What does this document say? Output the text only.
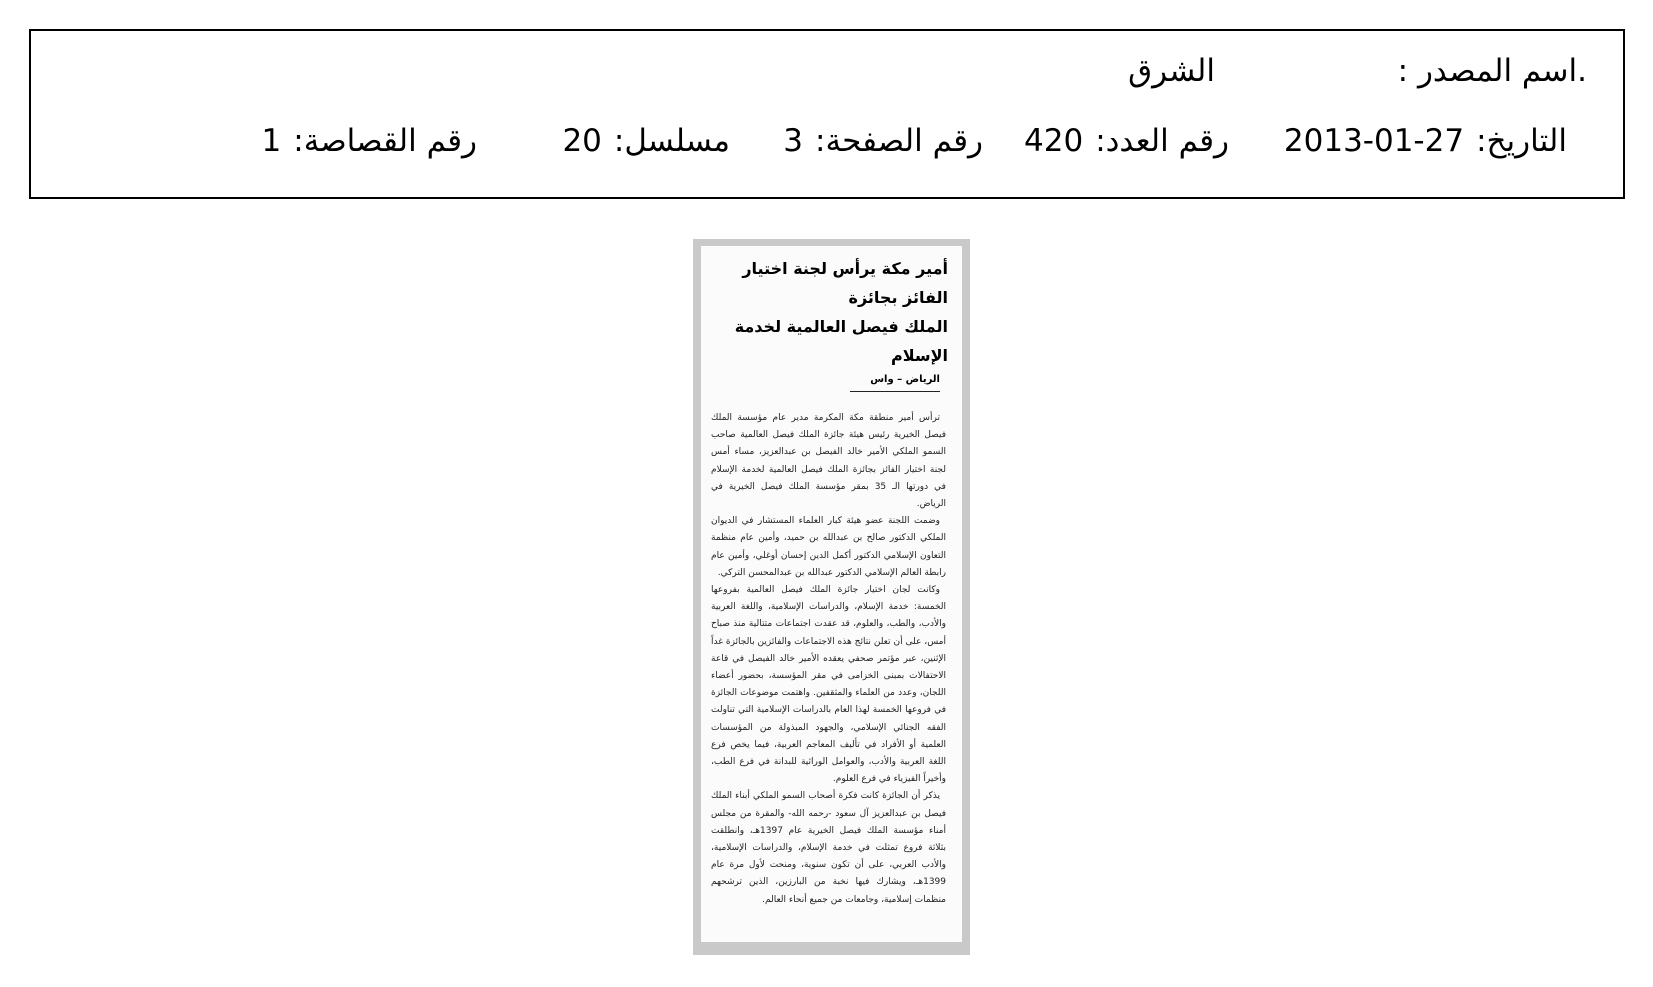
.اسم المصدر :
الشرق
التاريخ:2013-01-27
رقم العدد:420
رقم الصفحة:3
مسلسل:20
رقم القصاصة:1
أمير مكة يرأس لجنة اختيار الفائز بجائزة
الملك فيصل العالمية لخدمة الإسلام
الرياض – واس

ترأس أمير منطقة مكة المكرمة مدير عام مؤسسة الملك فيصل الخيرية رئيس هيئة جائزة الملك فيصل العالمية صاحب السمو الملكي الأمير خالد الفيصل بن عبدالعزيز، مساء أمس لجنة اختيار الفائز بجائزة الملك فيصل العالمية لخدمة الإسلام في دورتها الـ 35 بمقر مؤسسة الملك فيصل الخيرية في الرياض.

وضمت اللجنة عضو هيئة كبار العلماء المستشار في الديوان الملكي الدكتور صالح بن عبدالله بن حميد، وأمين عام منظمة التعاون الإسلامي الدكتور أكمل الدين إحسان أوغلي، وأمين عام رابطة العالم الإسلامي الدكتور عبدالله بن عبدالمحسن التركي.

وكانت لجان اختيار جائزة الملك فيصل العالمية بفروعها الخمسة: خدمة الإسلام، والدراسات الإسلامية، واللغة العربية والأدب، والطب، والعلوم، قد عقدت اجتماعات متتالية منذ صباح أمس، على أن تعلن نتائج هذه الاجتماعات والفائزين بالجائزة غداً الإثنين، عبر مؤتمر صحفي يعقده الأمير خالد الفيصل في قاعة الاحتفالات بمبنى الخزامى في مقر المؤسسة، بحضور أعضاء اللجان، وعدد من العلماء والمثقفين. واهتمت موضوعات الجائزة في فروعها الخمسة لهذا العام بالدراسات الإسلامية التي تناولت الفقه الجنائي الإسلامي، والجهود المبذولة من المؤسسات العلمية أو الأفراد في تأليف المعاجم العربية، فيما يخص فرع اللغة العربية والأدب، والعوامل الوراثية للبدانة في فرع الطب، وأخيراً الفيزياء في فرع العلوم.

يذكر أن الجائزة كانت فكرة أصحاب السمو الملكي أبناء الملك فيصل بن عبدالعزيز آل سعود -رحمه الله- والمقرة من مجلس أمناء مؤسسة الملك فيصل الخيرية عام 1397هـ، وانطلقت بثلاثة فروع تمثلت في خدمة الإسلام، والدراسات الإسلامية، والأدب العربي، على أن تكون سنوية، ومنحت لأول مرة عام 1399هـ، ويشارك فيها نخبة من البارزين، الذين ترشحهم منظمات إسلامية، وجامعات من جميع أنحاء العالم.
